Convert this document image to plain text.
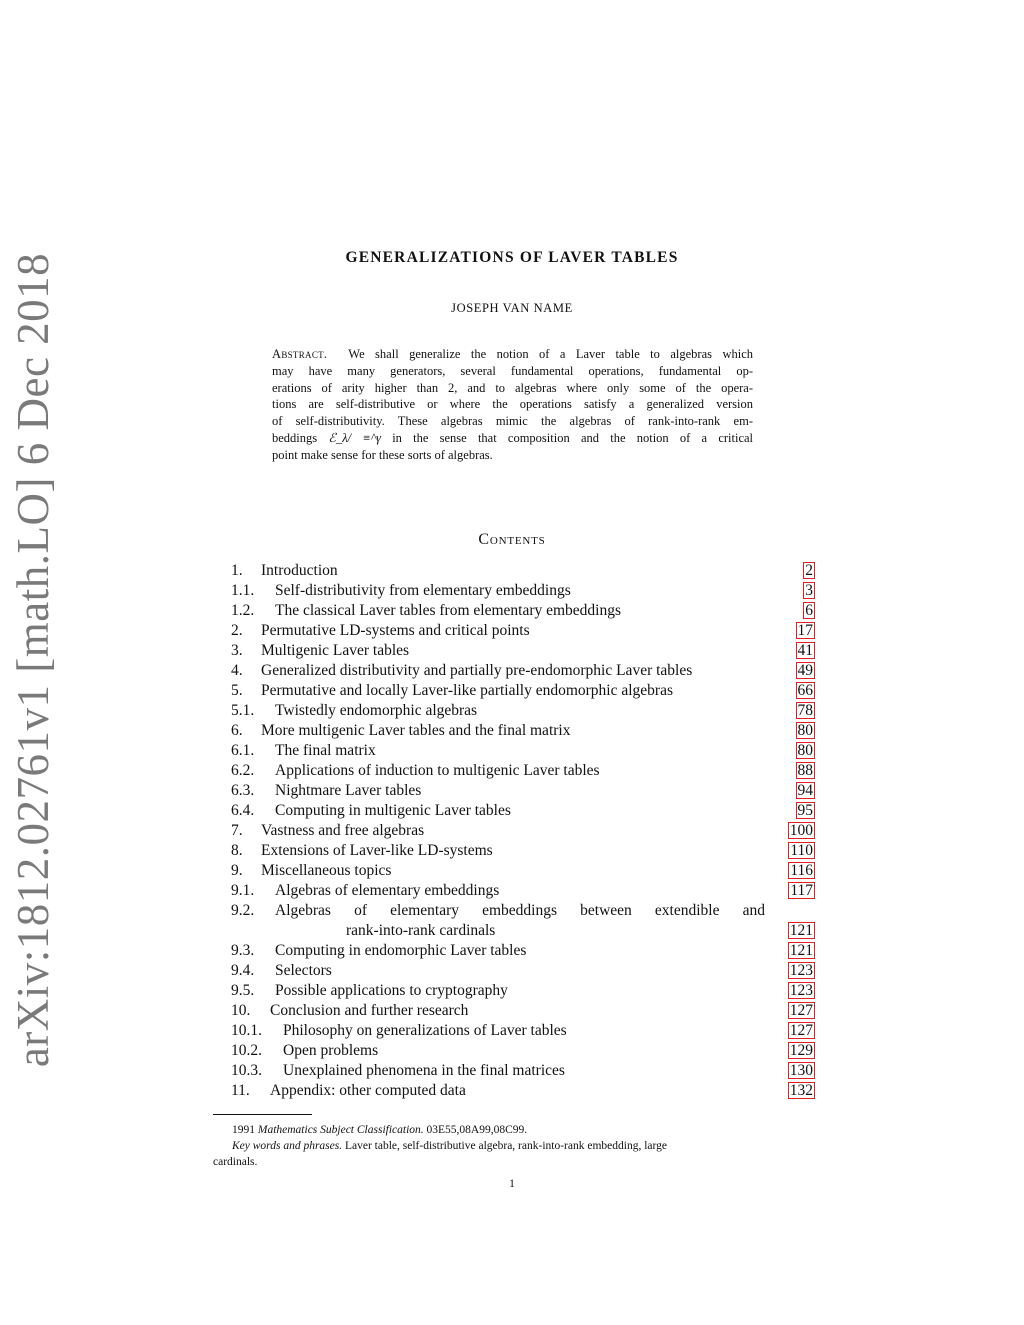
arXiv:1812.02761v1 [math.LO] 6 Dec 2018	GENERALIZATIONS OF LAVER TABLES
JOSEPH VAN NAME
Abstract. We shall generalize the notion of a Laver table to algebras which
may have many generators, several fundamental operations, fundamental op-
erations of arity higher than 2, and to algebras where only some of the opera-
tions are self-distributive or where the operations satisfy a generalized version
of self-distributivity. These algebras mimic the algebras of rank-into-rank em-
beddings ℰ_λ/ ≡^γ in the sense that composition and the notion of a critical
point make sense for these sorts of algebras.
Contents
1. Introduction	2
1.1. Self-distributivity from elementary embeddings	3
1.2. The classical Laver tables from elementary embeddings	6
2. Permutative LD-systems and critical points	17
3. Multigenic Laver tables	41
4. Generalized distributivity and partially pre-endomorphic Laver tables	49
5. Permutative and locally Laver-like partially endomorphic algebras	66
5.1. Twistedly endomorphic algebras	78
6. More multigenic Laver tables and the final matrix	80
6.1. The final matrix	80
6.2. Applications of induction to multigenic Laver tables	88
6.3. Nightmare Laver tables	94
6.4. Computing in multigenic Laver tables	95
7. Vastness and free algebras	100
8. Extensions of Laver-like LD-systems	110
9. Miscellaneous topics	116
9.1. Algebras of elementary embeddings	117
9.2. Algebras of elementary embeddings between extendible and
rank-into-rank cardinals	121
9.3. Computing in endomorphic Laver tables	121
9.4. Selectors	123
9.5. Possible applications to cryptography	123
10. Conclusion and further research	127
10.1. Philosophy on generalizations of Laver tables	127
10.2. Open problems	129
10.3. Unexplained phenomena in the final matrices	130
11. Appendix: other computed data	132
1991 Mathematics Subject Classification. 03E55,08A99,08C99.
Key words and phrases. Laver table, self-distributive algebra, rank-into-rank embedding, large
cardinals.
1
